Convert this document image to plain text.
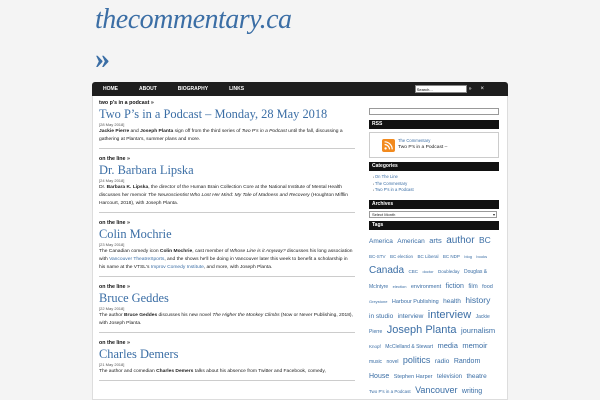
thecommentary.ca
»
HOME	ABOUT	BIOGRAPHY	LINKS
Search...	» ×
two p's in a podcast »
Two P’s in a Podcast – Monday, 28 May 2018
[28 May 2018]
Jackie Pierre and Joseph Planta sign off from the third series of Two P's in a Podcast until the fall, discussing a gathering at Planta's, summer plans and more.
on the line »
Dr. Barbara Lipska
[24 May 2018]
Dr. Barbara K. Lipska, the director of the Human Brain Collection Core at the National Institute of Mental Health discusses her memoir The Neuroscientist Who Lost Her Mind: My Tale of Madness and Recovery (Houghton Mifflin Harcourt, 2018), with Joseph Planta.
on the line »
Colin Mochrie
[23 May 2018]
The Canadian comedy icon Colin Mochrie, cast member of Whose Line is it Anyway? discusses his long association with Vancouver TheatreSports, and the shows he'll be doing in Vancouver later this week to benefit a scholarship in his name at the VTSL's Improv Comedy Institute, and more, with Joseph Planta.
on the line »
Bruce Geddes
[22 May 2018]
The author Bruce Geddes discusses his new novel The Higher the Monkey Climbs (Now or Never Publishing, 2018), with Joseph Planta.
on the line »
Charles Demers
[21 May 2018]
The author and comedian Charles Demers talks about his absence from Twitter and Facebook, comedy,
RSS
The Commentary
Two P's in a Podcast –
Categories
▪ On The Line
▪ The Commentary
▪ Two P's in a Podcast
Archives
Select Month	▾
Tags
America American arts author BC BC-STV BC election BC Liberal BC NDP blog books Canada CBC doctor Doubleday Douglas & McIntyre election environment fiction film food Greystone Harbour Publishing health history in studio interview interview Jackie Pierre Joseph Planta journalism Knopf McClelland & Stewart media memoir music novel politics radio Random House Stephen Harper television theatre Two P's in a Podcast Vancouver writing
